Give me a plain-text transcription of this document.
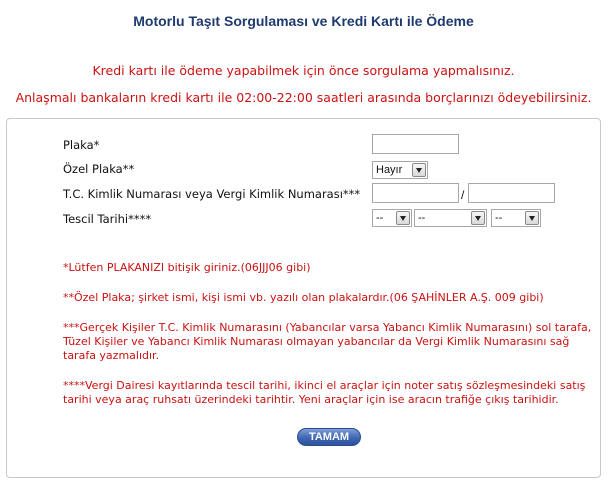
Motorlu Taşıt Sorgulaması ve Kredi Kartı ile Ödeme
Kredi kartı ile ödeme yapabilmek için önce sorgulama yapmalısınız.
Anlaşmalı bankaların kredi kartı ile 02:00-22:00 saatleri arasında borçlarınızı ödeyebilirsiniz.
Plaka*
Özel Plaka**	Hayır
T.C. Kimlik Numarası veya Vergi Kimlik Numarası***	/
Tescil Tarihi****	--	--	--
*Lütfen PLAKANIZI bitişik giriniz.(06JJJ06 gibi)
**Özel Plaka; şirket ismi, kişi ismi vb. yazılı olan plakalardır.(06 ŞAHİNLER A.Ş. 009 gibi)
***Gerçek Kişiler T.C. Kimlik Numarasını (Yabancılar varsa Yabancı Kimlik Numarasını) sol tarafa, Tüzel Kişiler ve Yabancı Kimlik Numarası olmayan yabancılar da Vergi Kimlik Numarasını sağ tarafa yazmalıdır.
****Vergi Dairesi kayıtlarında tescil tarihi, ikinci el araçlar için noter satış sözleşmesindeki satış tarihi veya araç ruhsatı üzerindeki tarihtir. Yeni araçlar için ise aracın trafiğe çıkış tarihidir.
TAMAM
